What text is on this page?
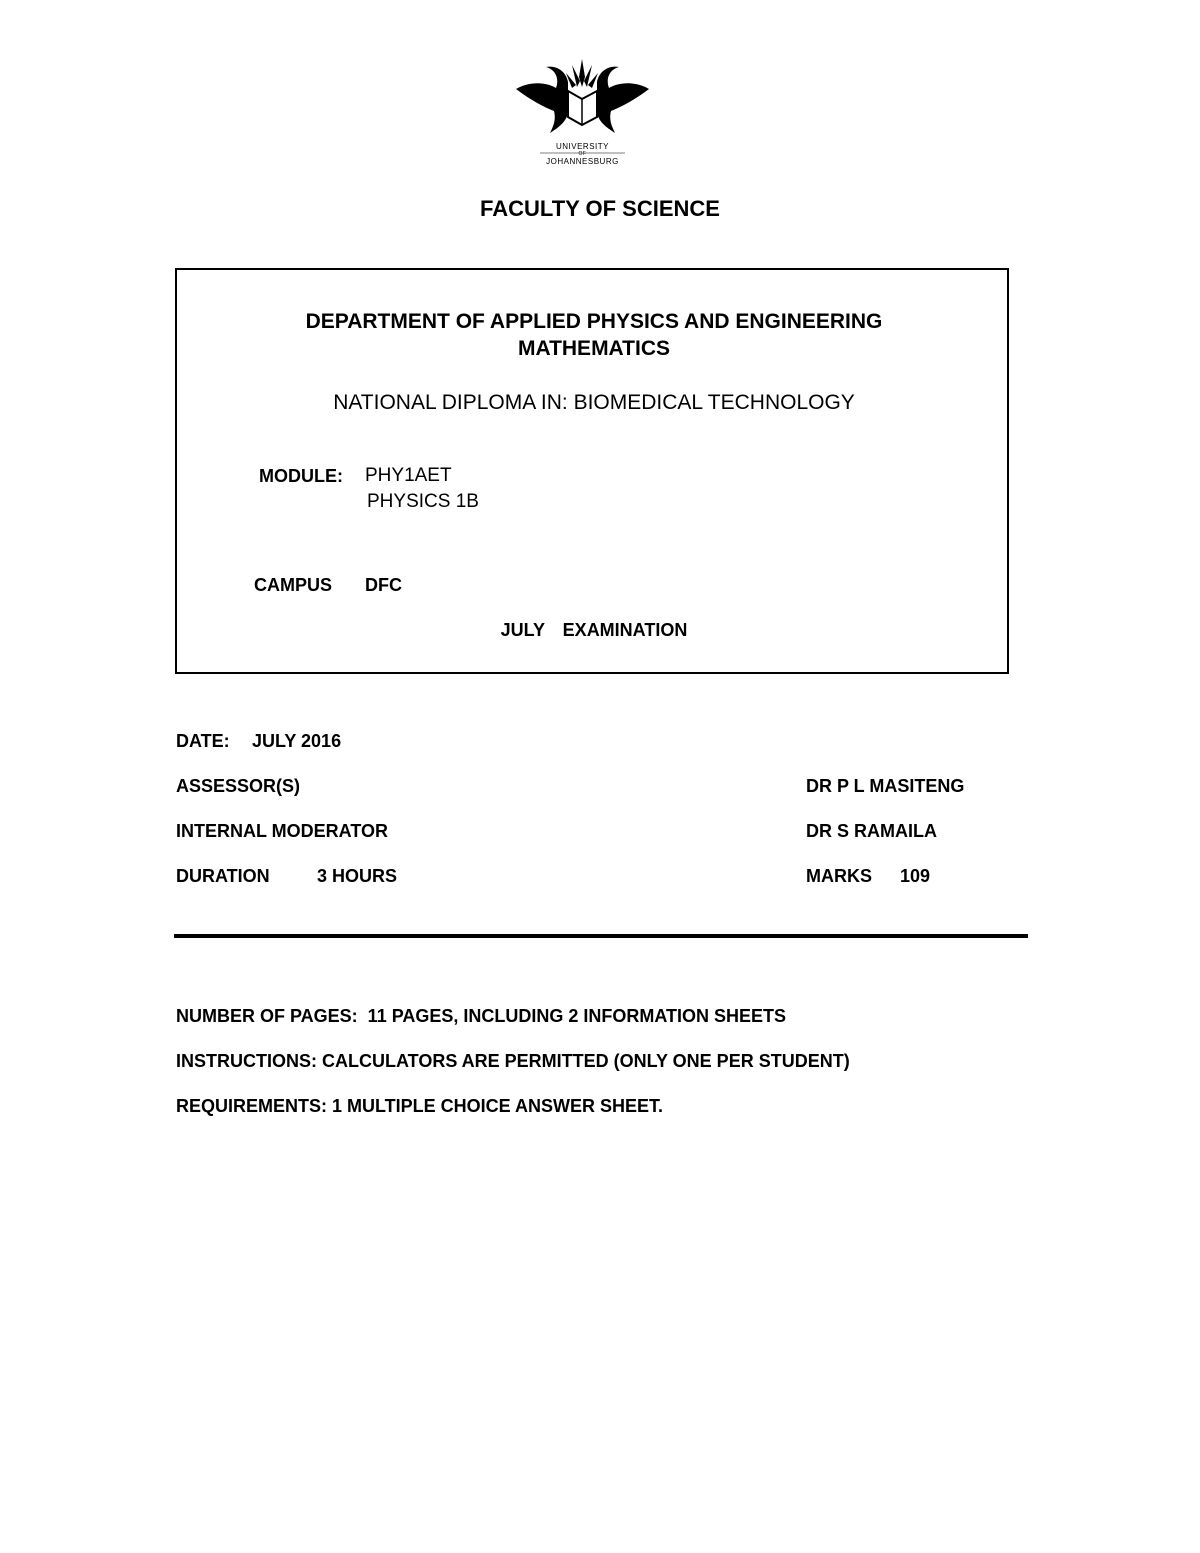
UNIVERSITY
OF
JOHANNESBURG
FACULTY OF SCIENCE
DEPARTMENT OF APPLIED PHYSICS AND ENGINEERING
MATHEMATICS
NATIONAL DIPLOMA IN: BIOMEDICAL TECHNOLOGY
MODULE: PHY1AET
PHYSICS 1B
CAMPUS DFC
JULY  EXAMINATION
DATE: JULY 2016
ASSESSOR(S)	DR P L MASITENG
INTERNAL MODERATOR	DR S RAMAILA
DURATION	3 HOURS	MARKS 109
NUMBER OF PAGES:  11 PAGES, INCLUDING 2 INFORMATION SHEETS
INSTRUCTIONS: CALCULATORS ARE PERMITTED (ONLY ONE PER STUDENT)
REQUIREMENTS: 1 MULTIPLE CHOICE ANSWER SHEET.
